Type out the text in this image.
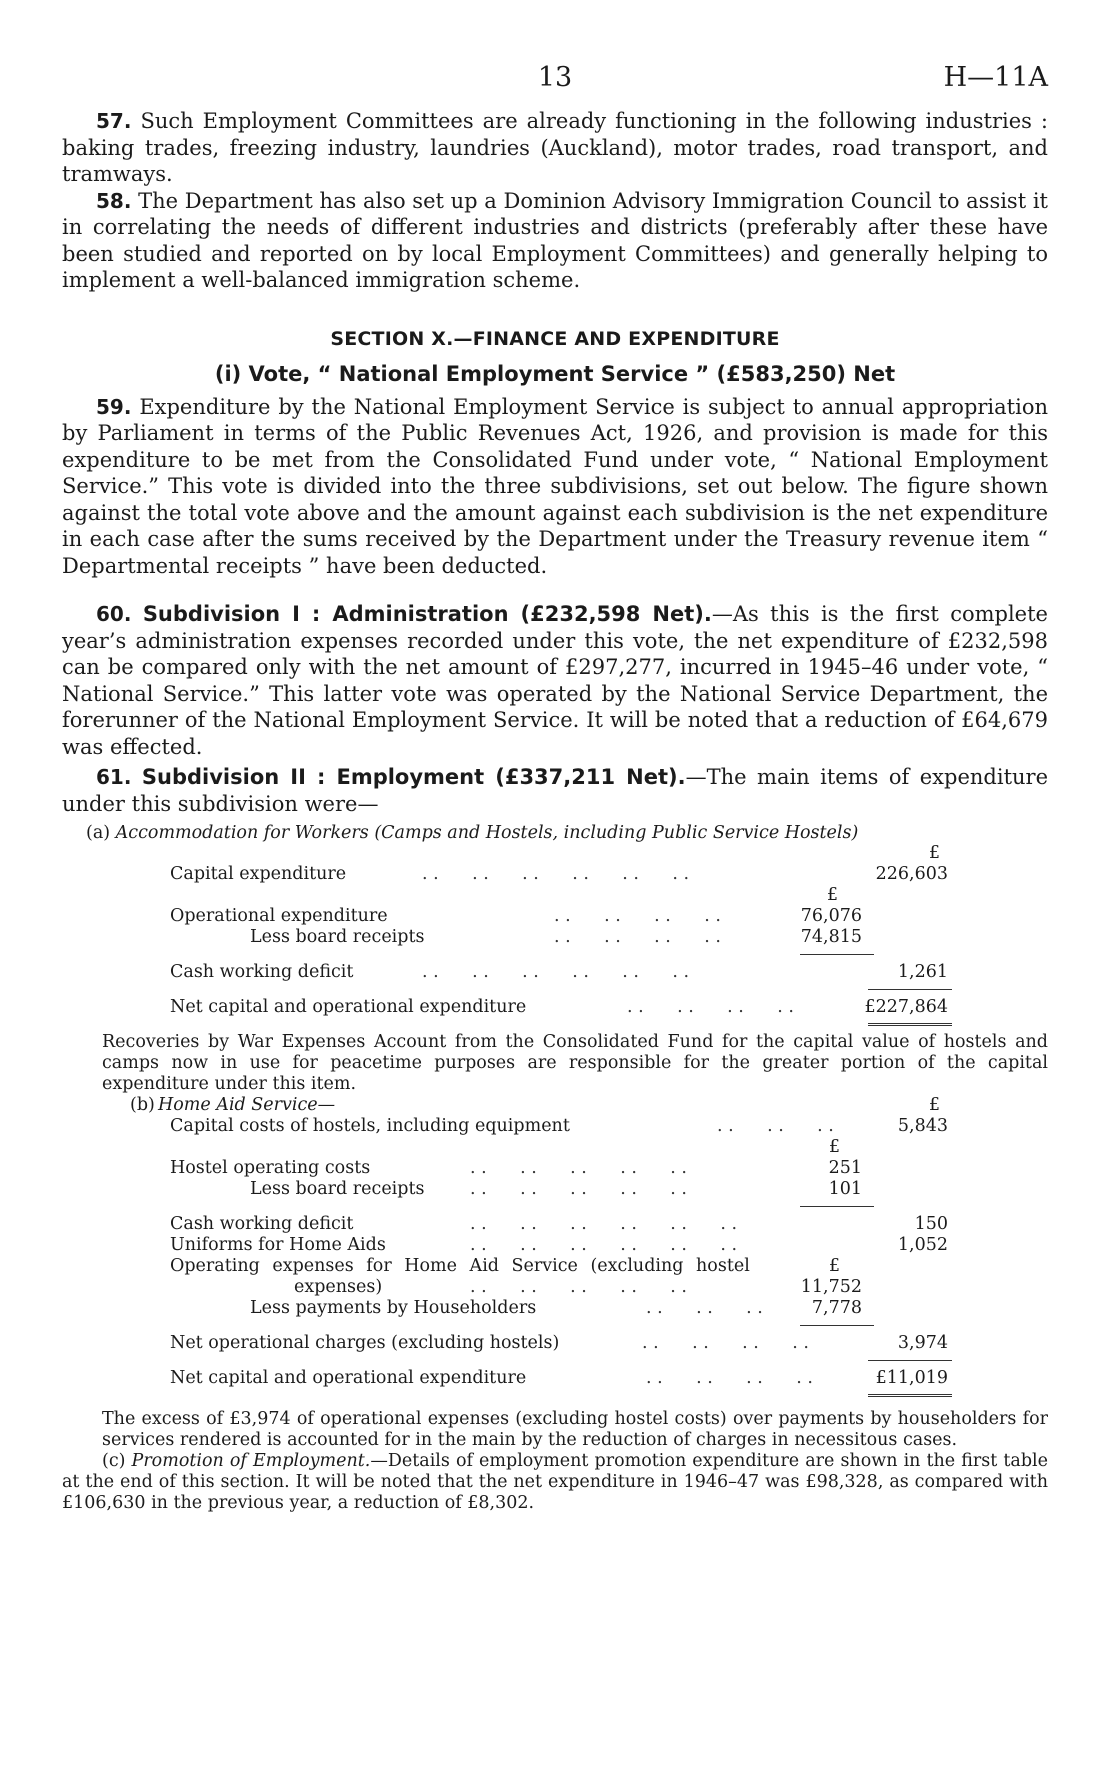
13	H—11A

57. Such Employment Committees are already functioning in the following industries : baking trades, freezing industry, laundries (Auckland), motor trades, road transport, and tramways.

58. The Department has also set up a Dominion Advisory Immigration Council to assist it in correlating the needs of different industries and districts (preferably after these have been studied and reported on by local Employment Committees) and generally helping to implement a well-balanced immigration scheme.

SECTION X.—FINANCE AND EXPENDITURE
(i) Vote, “ National Employment Service ” (£583,250) Net

59. Expenditure by the National Employment Service is subject to annual appropriation by Parliament in terms of the Public Revenues Act, 1926, and provision is made for this expenditure to be met from the Consolidated Fund under vote, “ National Employment Service.” This vote is divided into the three subdivisions, set out below. The figure shown against the total vote above and the amount against each subdivision is the net expenditure in each case after the sums received by the Department under the Treasury revenue item “ Departmental receipts ” have been deducted.

60. Subdivision I : Administration (£232,598 Net).—As this is the first complete year’s administration expenses recorded under this vote, the net expenditure of £232,598 can be compared only with the net amount of £297,277, incurred in 1945–46 under vote, “ National Service.” This latter vote was operated by the National Service Department, the forerunner of the National Employment Service. It will be noted that a reduction of £64,679 was effected.

61. Subdivision II : Employment (£337,211 Net).—The main items of expenditure under this subdivision were—

(a) Accommodation for Workers (Camps and Hostels, including Public Service Hostels)
£
Capital expenditure	. .      . .      . .      . .      . .      . .	226,603
£
Operational expenditure	. .      . .      . .      . .	76,076
Less board receipts	. .      . .      . .      . .	74,815
Cash working deficit	. .      . .      . .      . .      . .      . .	1,261
Net capital and operational expenditure	. .      . .      . .      . .	£227,864

Recoveries by War Expenses Account from the Consolidated Fund for the capital value of hostels and camps now in use for peacetime purposes are responsible for the greater portion of the capital expenditure under this item.

(b) Home Aid Service—	£
Capital costs of hostels, including equipment	. .      . .      . .	5,843
£
Hostel operating costs	. .      . .      . .      . .      . .	251
Less board receipts	. .      . .      . .      . .      . .	101
Cash working deficit	. .      . .      . .      . .      . .      . .	150
Uniforms for Home Aids	. .      . .      . .      . .      . .      . .	1,052
Operating expenses for Home Aid Service (excluding hostel	£
expenses)	. .      . .      . .      . .      . .	11,752
Less payments by Householders	. .      . .      . .	7,778
Net operational charges (excluding hostels)	. .      . .      . .      . .	3,974
Net capital and operational expenditure	. .      . .      . .      . .	£11,019

The excess of £3,974 of operational expenses (excluding hostel costs) over payments by householders for services rendered is accounted for in the main by the reduction of charges in necessitous cases.

(c) Promotion of Employment.—Details of employment promotion expenditure are shown in the first table at the end of this section. It will be noted that the net expenditure in 1946–47 was £98,328, as compared with £106,630 in the previous year, a reduction of £8,302.
